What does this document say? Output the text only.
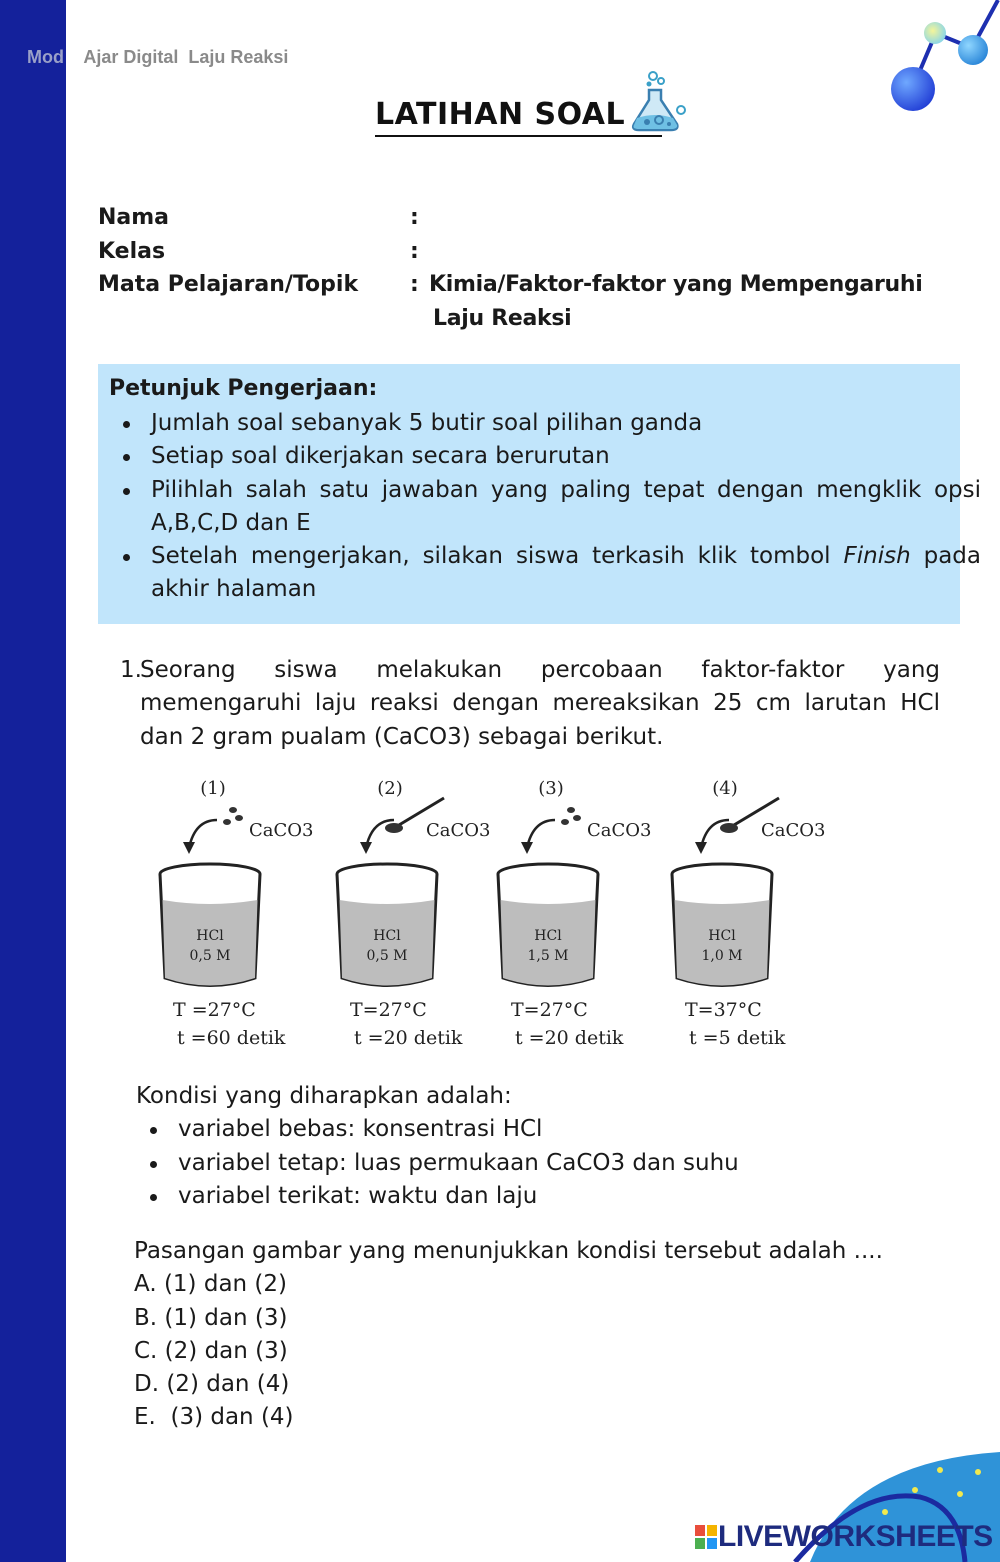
Mod Ajar Digital  Laju Reaksi
LATIHAN SOAL
Nama	:
Kelas	:
Mata Pelajaran/Topik : Kimia/Faktor-faktor yang Mempengaruhi
Laju Reaksi
Petunjuk Pengerjaan:
Jumlah soal sebanyak 5 butir soal pilihan ganda
Setiap soal dikerjakan secara berurutan
Pilihlah salah satu jawaban yang paling tepat dengan mengklik opsi A,B,C,D dan E
Setelah mengerjakan, silakan siswa terkasih klik tombol Finish pada akhir halaman
1.
Seorang siswa melakukan percobaan faktor-faktor yang memengaruhi laju reaksi dengan mereaksikan 25 cm larutan HCl dan 2 gram pualam (CaCO3) sebagai berikut.
(1)
CaCO3
HCl
0,5 M
T =27°C
t =60 detik
(2)
CaCO3
HCl
0,5 M
T=27°C
t =20 detik
(3)
CaCO3
HCl
1,5 M
T=27°C
t =20 detik
(4)
CaCO3
HCl
1,0 M
T=37°C
t =5 detik
Kondisi yang diharapkan adalah:
variabel bebas: konsentrasi HCl
variabel tetap: luas permukaan CaCO3 dan suhu
variabel terikat: waktu dan laju
Pasangan gambar yang menunjukkan kondisi tersebut adalah ....
A. (1) dan (2)
B. (1) dan (3)
C. (2) dan (3)
D. (2) dan (4)
E.  (3) dan (4)
LIVEWORKSHEETS
